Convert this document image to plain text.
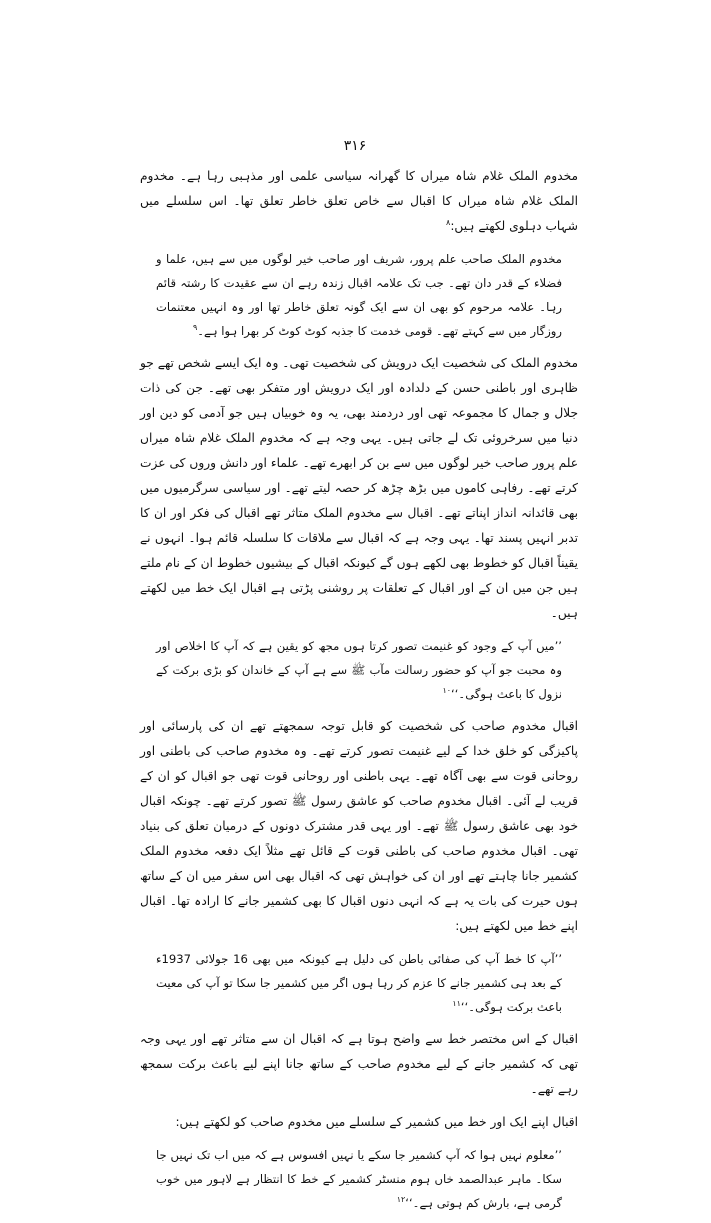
۳۱۶

مخدوم الملک غلام شاہ میراں کا گھرانہ سیاسی علمی اور مذہبی رہا ہے۔ مخدوم الملک غلام شاہ میراں کا اقبال سے خاص تعلق خاطر تعلق تھا۔ اس سلسلے میں شہاب دہلوی لکھتے ہیں:$^۸$

مخدوم الملک صاحب علم پرور، شریف اور صاحب خیر لوگوں میں سے ہیں، علما و فضلاء کے قدر دان تھے۔ جب تک علامہ اقبال زندہ رہے ان سے عقیدت کا رشتہ قائم رہا۔ علامہ مرحوم کو بھی ان سے ایک گونہ تعلق خاطر تھا اور وہ انہیں معتنمات روزگار میں سے کہتے تھے۔ قومی خدمت کا جذبہ کوٹ کوٹ کر بھرا ہوا ہے۔$^۹$

مخدوم الملک کی شخصیت ایک درویش کی شخصیت تھی۔ وہ ایک ایسے شخص تھے جو ظاہری اور باطنی حسن کے دلدادہ اور ایک درویش اور متفکر بھی تھے۔ جن کی ذات جلال و جمال کا مجموعہ تھی اور دردمند بھی، یہ وہ خوبیاں ہیں جو آدمی کو دین اور دنیا میں سرخروئی تک لے جاتی ہیں۔ یہی وجہ ہے کہ مخدوم الملک غلام شاہ میراں علم پرور صاحب خیر لوگوں میں سے بن کر ابھرے تھے۔ علماء اور دانش وروں کی عزت کرتے تھے۔ رفاہی کاموں میں بڑھ چڑھ کر حصہ لیتے تھے۔ اور سیاسی سرگرمیوں میں بھی قائدانہ انداز اپناتے تھے۔ اقبال سے مخدوم الملک متاثر تھے اقبال کی فکر اور ان کا تدبر انہیں پسند تھا۔ یہی وجہ ہے کہ اقبال سے ملاقات کا سلسلہ قائم ہوا۔ انہوں نے یقیناً اقبال کو خطوط بھی لکھے ہوں گے کیونکہ اقبال کے بیشیوں خطوط ان کے نام ملتے ہیں جن میں ان کے اور اقبال کے تعلقات پر روشنی پڑتی ہے اقبال ایک خط میں لکھتے ہیں۔

’’میں آپ کے وجود کو غنیمت تصور کرتا ہوں مجھ کو یقین ہے کہ آپ کا اخلاص اور وہ محبت جو آپ کو حضور رسالت مآب ﷺ سے ہے آپ کے خاندان کو بڑی برکت کے نزول کا باعث ہوگی۔‘‘$^{۱۰}$

اقبال مخدوم صاحب کی شخصیت کو قابل توجہ سمجھتے تھے ان کی پارسائی اور پاکیزگی کو خلق خدا کے لیے غنیمت تصور کرتے تھے۔ وہ مخدوم صاحب کی باطنی اور روحانی قوت سے بھی آگاہ تھے۔ یہی باطنی اور روحانی قوت تھی جو اقبال کو ان کے قریب لے آئی۔ اقبال مخدوم صاحب کو عاشق رسول ﷺ تصور کرتے تھے۔ چونکہ اقبال خود بھی عاشق رسول ﷺ تھے۔ اور یہی قدر مشترک دونوں کے درمیان تعلق کی بنیاد تھی۔ اقبال مخدوم صاحب کی باطنی قوت کے قائل تھے مثلاً ایک دفعہ مخدوم الملک کشمیر جانا چاہتے تھے اور ان کی خواہش تھی کہ اقبال بھی اس سفر میں ان کے ساتھ ہوں حیرت کی بات یہ ہے کہ انہی دنوں اقبال کا بھی کشمیر جانے کا ارادہ تھا۔ اقبال اپنے خط میں لکھتے ہیں:

’’آپ کا خط آپ کی صفائی باطن کی دلیل ہے کیونکہ میں بھی 16 جولائی 1937ء کے بعد ہی کشمیر جانے کا عزم کر رہا ہوں اگر میں کشمیر جا سکا تو آپ کی معیت باعث برکت ہوگی۔‘‘$^{۱۱}$

اقبال کے اس مختصر خط سے واضح ہوتا ہے کہ اقبال ان سے متاثر تھے اور یہی وجہ تھی کہ کشمیر جانے کے لیے مخدوم صاحب کے ساتھ جانا اپنے لیے باعث برکت سمجھ رہے تھے۔

اقبال اپنے ایک اور خط میں کشمیر کے سلسلے میں مخدوم صاحب کو لکھتے ہیں:

’’معلوم نہیں ہوا کہ آپ کشمیر جا سکے یا نہیں افسوس ہے کہ میں اب تک نہیں جا سکا۔ ماہر عبدالصمد خاں ہوم منسٹر کشمیر کے خط کا انتظار ہے لاہور میں خوب گرمی ہے، بارش کم ہوتی ہے۔‘‘$^{۱۲}$
